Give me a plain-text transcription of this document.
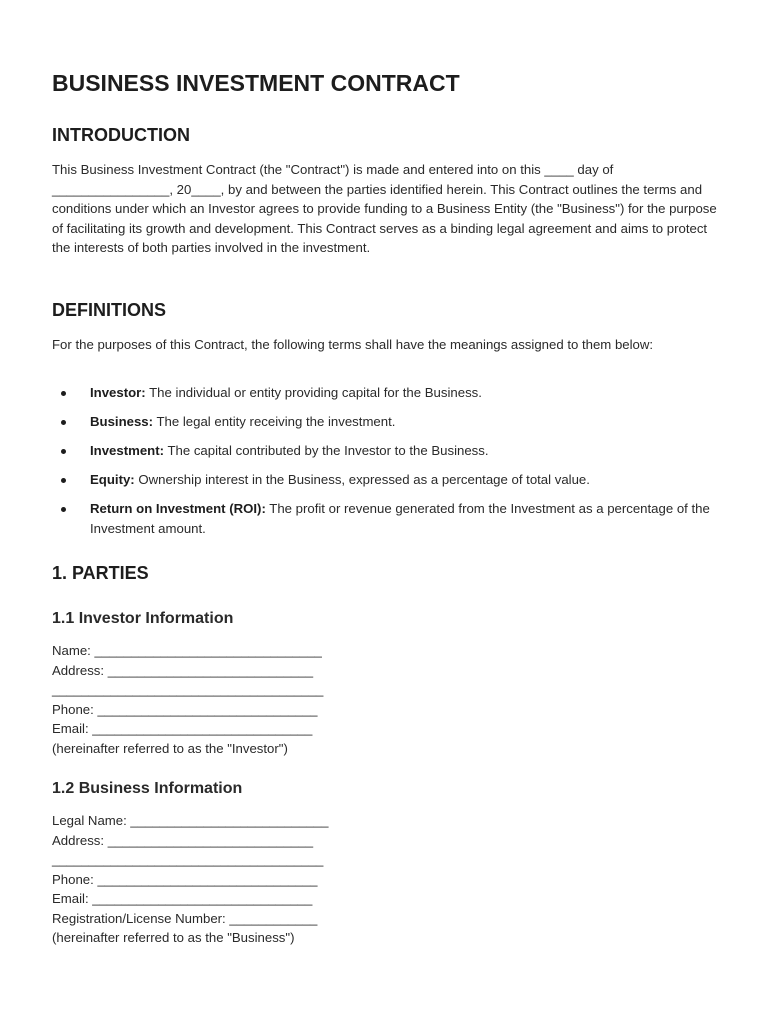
BUSINESS INVESTMENT CONTRACT
INTRODUCTION

This Business Investment Contract (the "Contract") is made and entered into on this ____ day of ________________, 20____, by and between the parties identified herein. This Contract outlines the terms and conditions under which an Investor agrees to provide funding to a Business Entity (the "Business") for the purpose of facilitating its growth and development. This Contract serves as a binding legal agreement and aims to protect the interests of both parties involved in the investment.

DEFINITIONS

For the purposes of this Contract, the following terms shall have the meanings assigned to them below:

Investor: The individual or entity providing capital for the Business.
Business: The legal entity receiving the investment.
Investment: The capital contributed by the Investor to the Business.
Equity: Ownership interest in the Business, expressed as a percentage of total value.
Return on Investment (ROI): The profit or revenue generated from the Investment as a percentage of the Investment amount.
1. PARTIES
1.1 Investor Information
Name: _______________________________
Address: ____________________________
_____________________________________
Phone: ______________________________
Email: ______________________________
(hereinafter referred to as the "Investor")
1.2 Business Information
Legal Name: ___________________________
Address: ____________________________
_____________________________________
Phone: ______________________________
Email: ______________________________
Registration/License Number: ____________
(hereinafter referred to as the "Business")
